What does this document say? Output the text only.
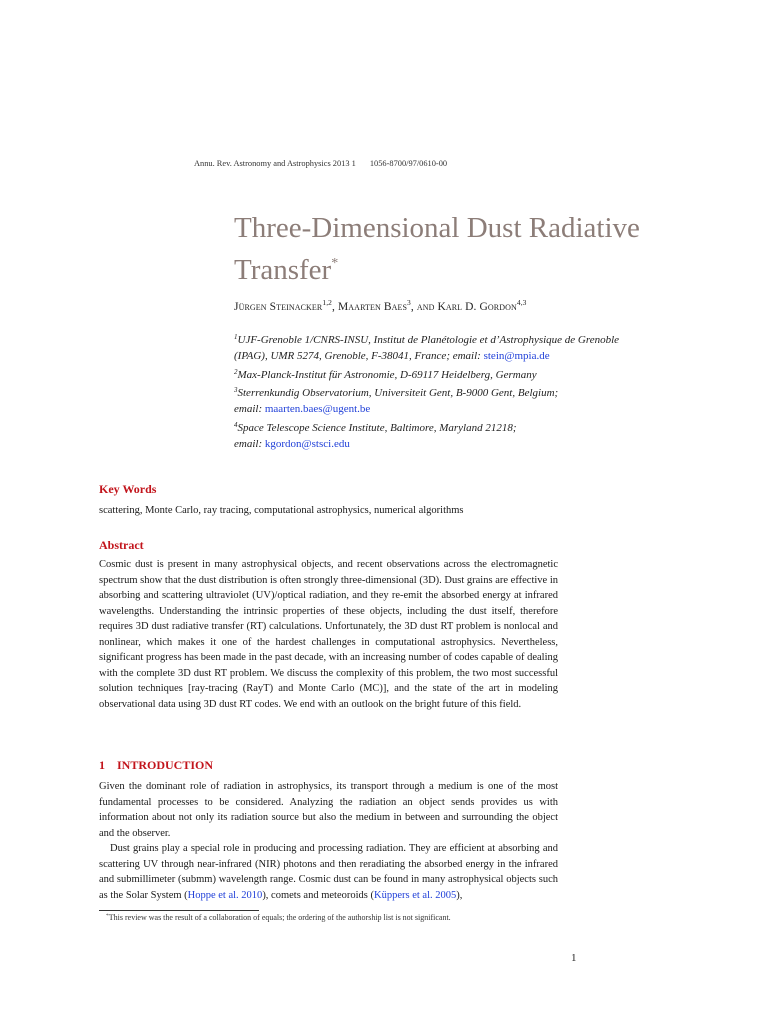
Annu. Rev. Astronomy and Astrophysics 2013 1 1056-8700/97/0610-00
Three-Dimensional Dust Radiative Transfer*
Jürgen Steinacker$^{1,2}$, Maarten Baes$^3$, and Karl D. Gordon$^{4,3}$
$^1$UJF-Grenoble 1/CNRS-INSU, Institut de Planétologie et d’Astrophysique de Grenoble (IPAG), UMR 5274, Grenoble, F-38041, France; email: stein@mpia.de
$^2$Max-Planck-Institut für Astronomie, D-69117 Heidelberg, Germany
$^3$Sterrenkundig Observatorium, Universiteit Gent, B-9000 Gent, Belgium;
email: maarten.baes@ugent.be
$^4$Space Telescope Science Institute, Baltimore, Maryland 21218;
email: kgordon@stsci.edu
Key Words
scattering, Monte Carlo, ray tracing, computational astrophysics, numerical algorithms
Abstract
Cosmic dust is present in many astrophysical objects, and recent observations across the electromagnetic spectrum show that the dust distribution is often strongly three-dimensional (3D). Dust grains are effective in absorbing and scattering ultraviolet (UV)/optical radiation, and they re-emit the absorbed energy at infrared wavelengths. Understanding the intrinsic properties of these objects, including the dust itself, therefore requires 3D dust radiative transfer (RT) calculations. Unfortunately, the 3D dust RT problem is nonlocal and nonlinear, which makes it one of the hardest challenges in computational astrophysics. Nevertheless, significant progress has been made in the past decade, with an increasing number of codes capable of dealing with the complete 3D dust RT problem. We discuss the complexity of this problem, the two most successful solution techniques [ray-tracing (RayT) and Monte Carlo (MC)], and the state of the art in modeling observational data using 3D dust RT codes. We end with an outlook on the bright future of this field.
1 INTRODUCTION
Given the dominant role of radiation in astrophysics, its transport through a medium is one of the most fundamental processes to be considered. Analyzing the radiation an object sends provides us with information about not only its radiation source but also the medium in between and surrounding the object and the observer.
Dust grains play a special role in producing and processing radiation. They are efficient at absorbing and scattering UV through near-infrared (NIR) photons and then reradiating the absorbed energy in the infrared and submillimeter (submm) wavelength range. Cosmic dust can be found in many astrophysical objects such as the Solar System (Hoppe et al. 2010), comets and meteoroids (Küppers et al. 2005),
*This review was the result of a collaboration of equals; the ordering of the authorship list is not significant.
1
